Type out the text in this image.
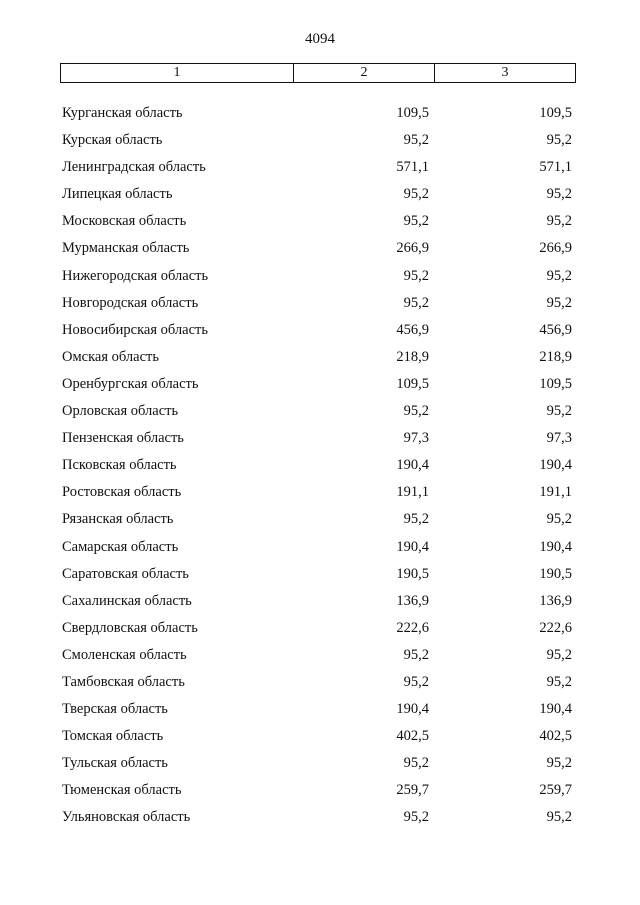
4094
1	2	3
Курганская область	109,5	109,5
Курская область	95,2	95,2
Ленинградская область	571,1	571,1
Липецкая область	95,2	95,2
Московская область	95,2	95,2
Мурманская область	266,9	266,9
Нижегородская область	95,2	95,2
Новгородская область	95,2	95,2
Новосибирская область	456,9	456,9
Омская область	218,9	218,9
Оренбургская область	109,5	109,5
Орловская область	95,2	95,2
Пензенская область	97,3	97,3
Псковская область	190,4	190,4
Ростовская область	191,1	191,1
Рязанская область	95,2	95,2
Самарская область	190,4	190,4
Саратовская область	190,5	190,5
Сахалинская область	136,9	136,9
Свердловская область	222,6	222,6
Смоленская область	95,2	95,2
Тамбовская область	95,2	95,2
Тверская область	190,4	190,4
Томская область	402,5	402,5
Тульская область	95,2	95,2
Тюменская область	259,7	259,7
Ульяновская область	95,2	95,2
